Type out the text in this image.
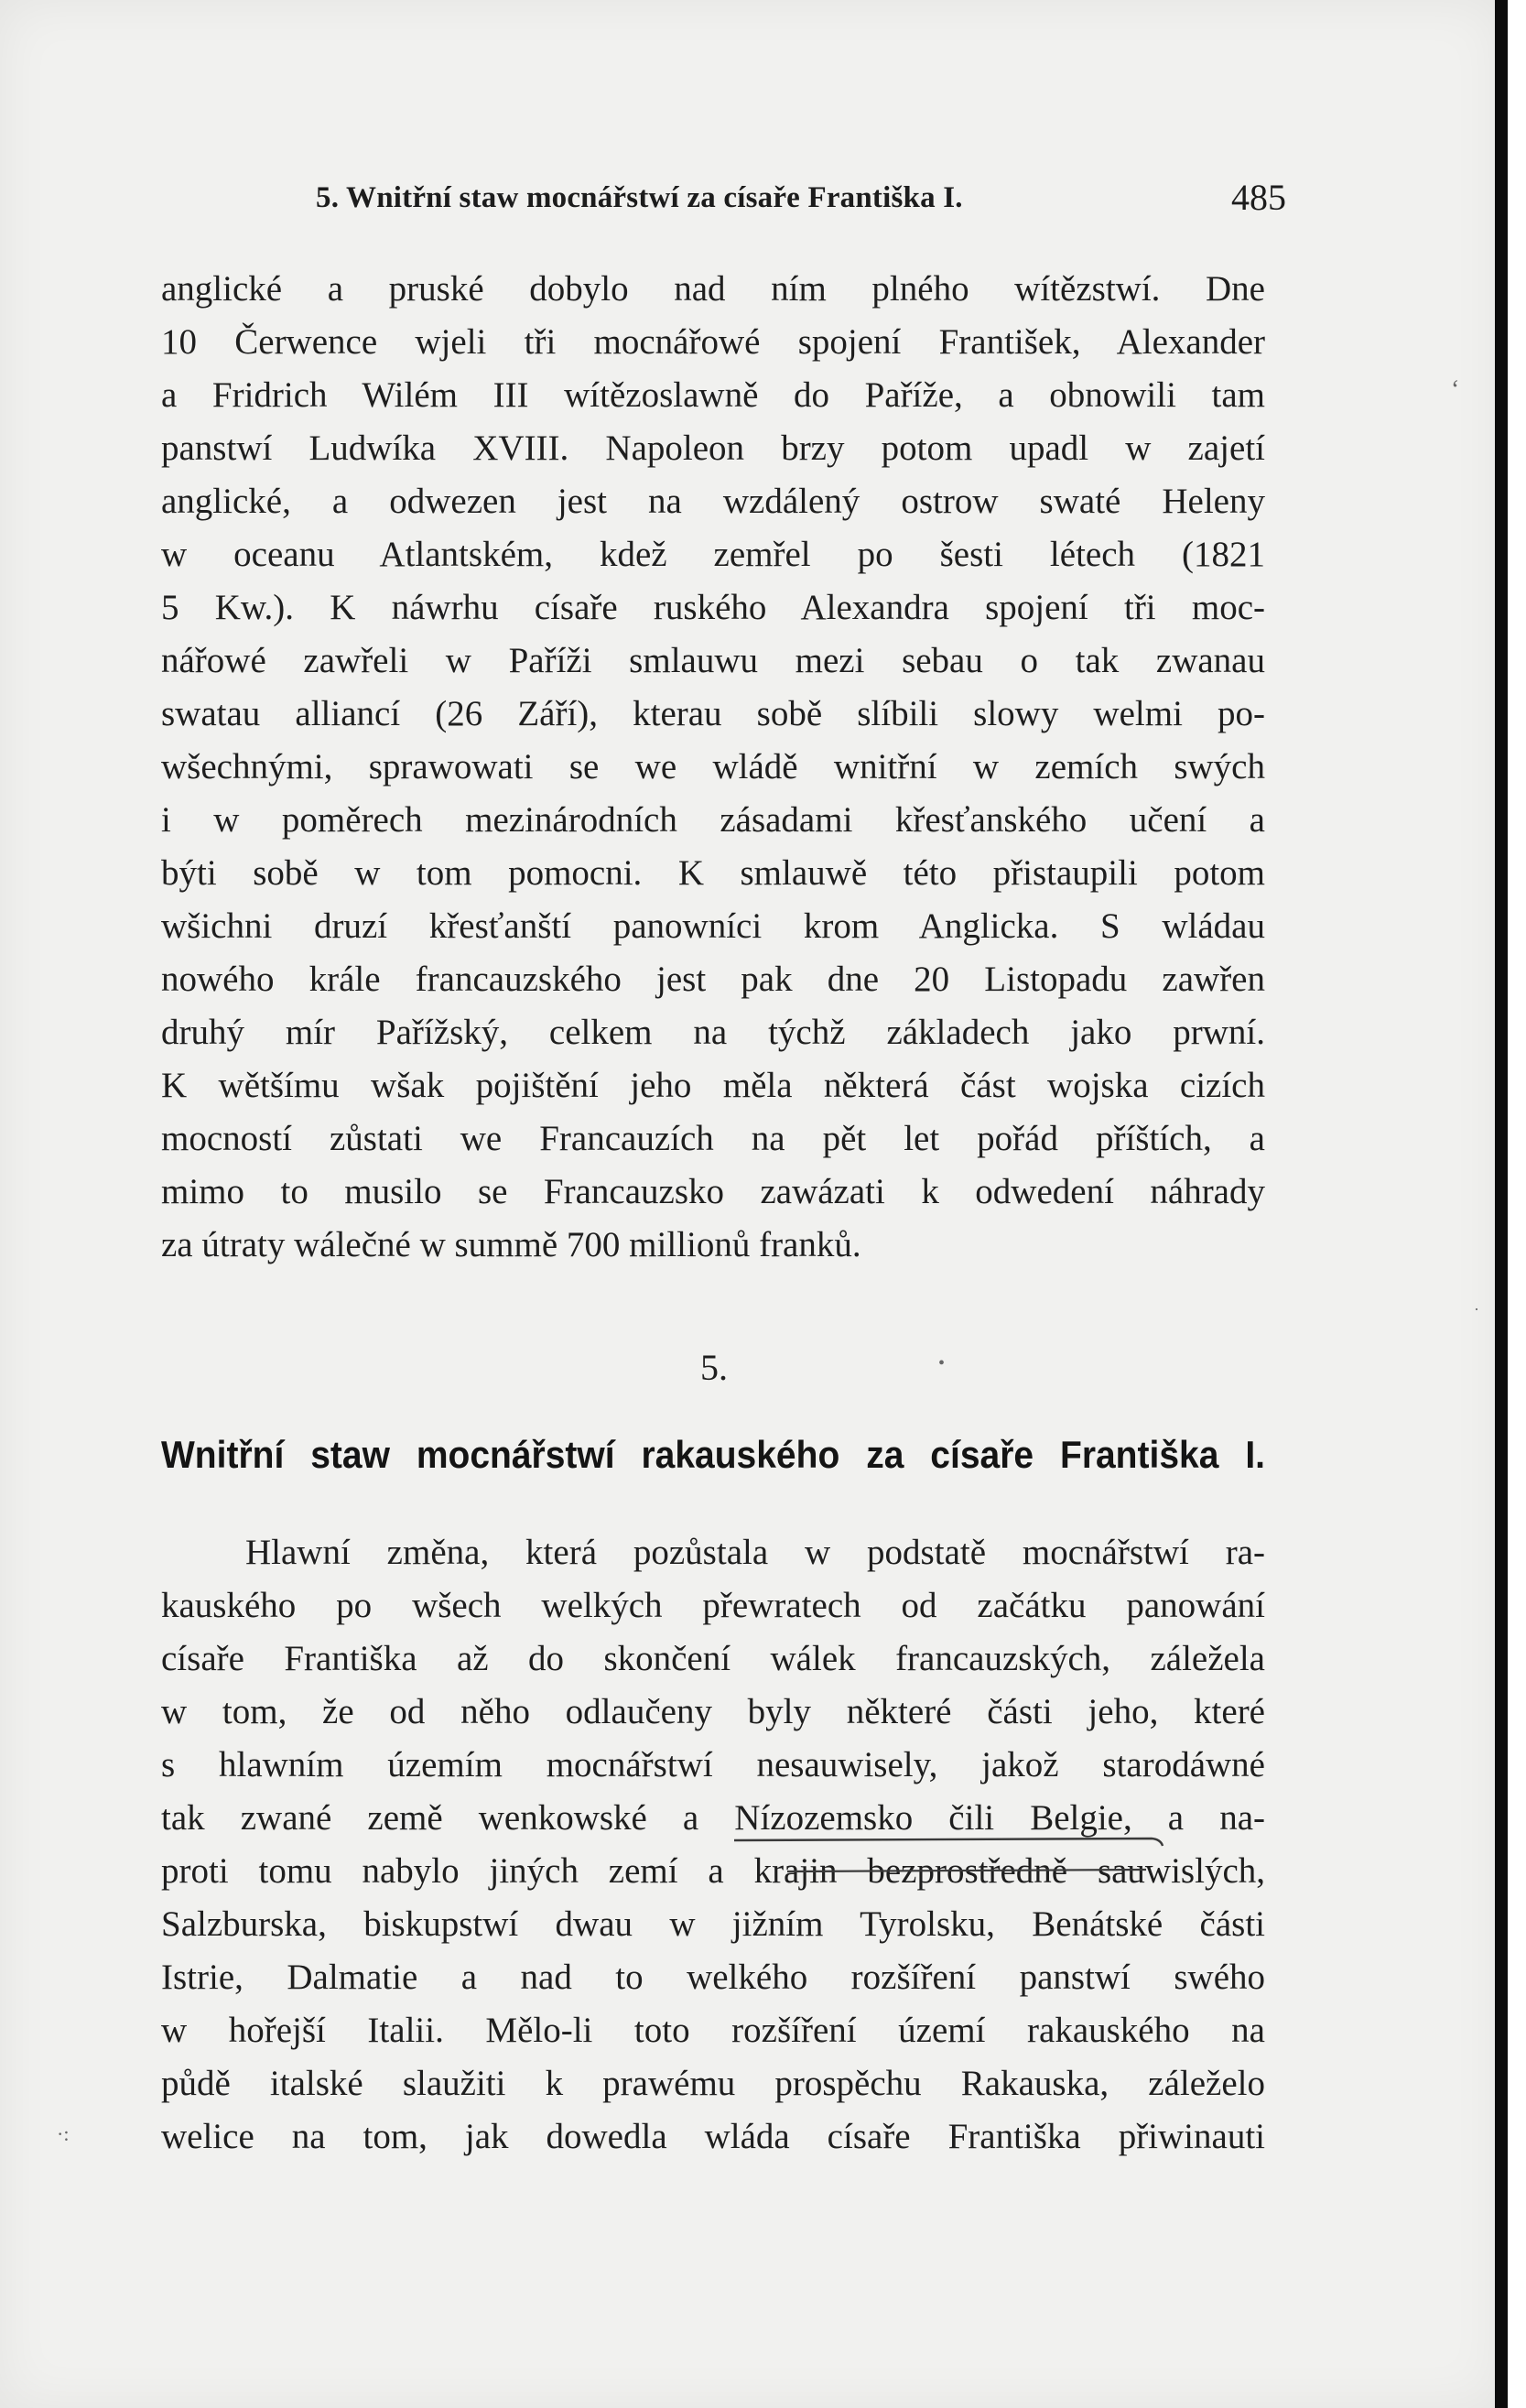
5. Wnitřní staw mocnářstwí za císaře Františka I.	485
anglické a pruské dobylo nad ním plného wítězstwí. Dne
10 Čerwence wjeli tři mocnářowé spojení František, Alexander
a Fridrich Wilém III wítězoslawně do Paříže, a obnowili tam
panstwí Ludwíka XVIII. Napoleon brzy potom upadl w zajetí
anglické, a odwezen jest na wzdálený ostrow swaté Heleny
w oceanu Atlantském, kdež zemřel po šesti létech (1821
5 Kw.). K náwrhu císaře ruského Alexandra spojení tři moc-
nářowé zawřeli w Paříži smlauwu mezi sebau o tak zwanau
swatau alliancí (26 Září), kterau sobě slíbili slowy welmi po-
wšechnými, sprawowati se we wládě wnitřní w zemích swých
i w poměrech mezinárodních zásadami křesťanského učení a
býti sobě w tom pomocni. K smlauwě této přistaupili potom
wšichni druzí křesťanští panowníci krom Anglicka. S wládau
nowého krále francauzského jest pak dne 20 Listopadu zawřen
druhý mír Pařížský, celkem na týchž základech jako prwní.
K wětšímu wšak pojištění jeho měla některá část wojska cizích
mocností zůstati we Francauzích na pět let pořád příštích, a
mimo to musilo se Francauzsko zawázati k odwedení náhrady
za útraty wálečné w summě 700 millionů franků.
5.
Wnitřní staw mocnářstwí rakauského za císaře Františka I.
Hlawní změna, která pozůstala w podstatě mocnářstwí ra-
kauského po wšech welkých přewratech od začátku panowání
císaře Františka až do skončení wálek francauzských, záležela
w tom, že od něho odlaučeny byly některé části jeho, které
s hlawním územím mocnářstwí nesauwisely, jakož starodáwné
tak zwané země wenkowské a Nízozemsko čili Belgie, a na-
proti tomu nabylo jiných zemí a krajin bezprostředně sauwislých,
Salzburska, biskupstwí dwau w jižním Tyrolsku, Benátské části
Istrie, Dalmatie a nad to welkého rozšíření panstwí swého
w hořejší Italii. Mělo-li toto rozšíření území rakauského na
půdě italské slaužiti k prawému prospěchu Rakauska, záleželo
welice na tom, jak dowedla wláda císaře Františka přiwinauti
ʻ
·
•
·:
